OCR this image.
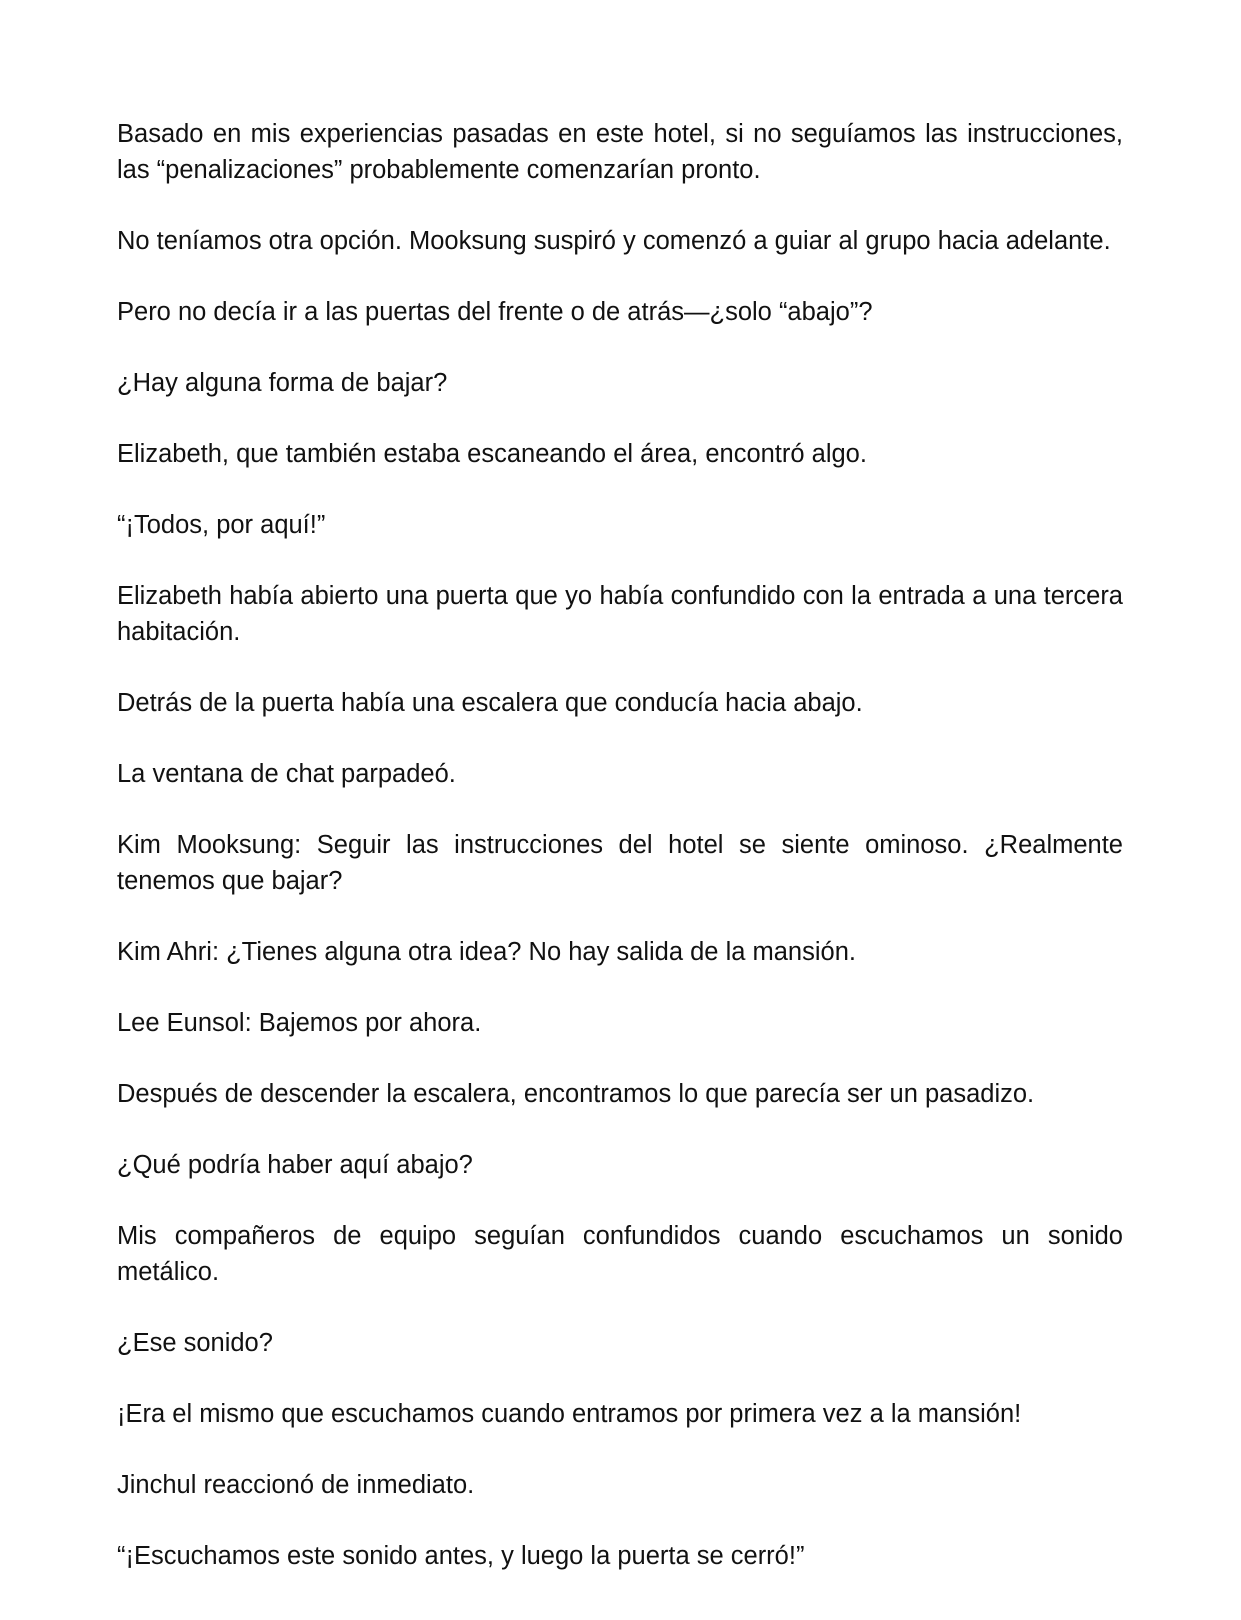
Basado en mis experiencias pasadas en este hotel, si no seguíamos las instrucciones, las “penalizaciones” probablemente comenzarían pronto.

No teníamos otra opción. Mooksung suspiró y comenzó a guiar al grupo hacia adelante.

Pero no decía ir a las puertas del frente o de atrás—¿solo “abajo”?

¿Hay alguna forma de bajar?

Elizabeth, que también estaba escaneando el área, encontró algo.

“¡Todos, por aquí!”

Elizabeth había abierto una puerta que yo había confundido con la entrada a una tercera habitación.

Detrás de la puerta había una escalera que conducía hacia abajo.

La ventana de chat parpadeó.

Kim Mooksung: Seguir las instrucciones del hotel se siente ominoso. ¿Realmente tenemos que bajar?

Kim Ahri: ¿Tienes alguna otra idea? No hay salida de la mansión.

Lee Eunsol: Bajemos por ahora.

Después de descender la escalera, encontramos lo que parecía ser un pasadizo.

¿Qué podría haber aquí abajo?

Mis compañeros de equipo seguían confundidos cuando escuchamos un sonido metálico.

¿Ese sonido?

¡Era el mismo que escuchamos cuando entramos por primera vez a la mansión!

Jinchul reaccionó de inmediato.

“¡Escuchamos este sonido antes, y luego la puerta se cerró!”
